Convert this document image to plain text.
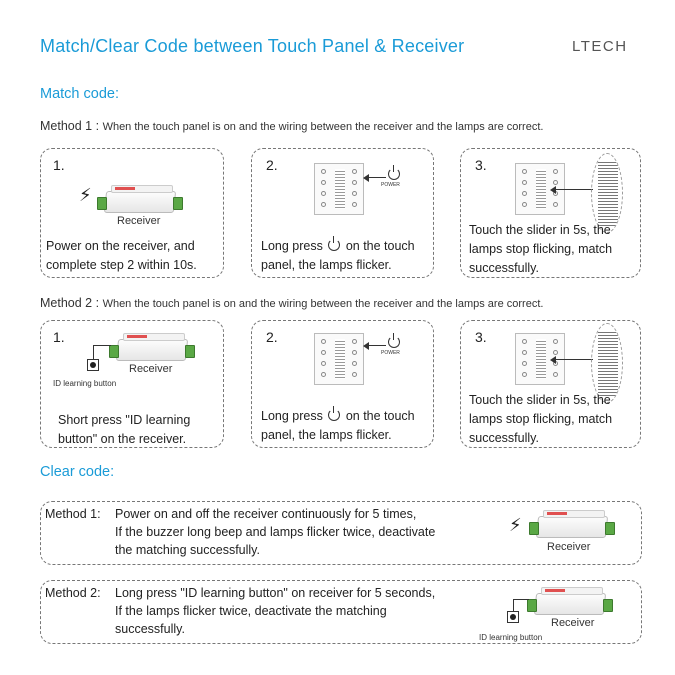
Match/Clear Code between Touch Panel & Receiver	LTECH
Match code:
Method 1 : When the touch panel is on and the wiring between the receiver and the lamps are correct.
1.
⚡
Receiver
Power on the receiver, and complete step 2 within 10s.
2.
POWER
Long press on the touch panel, the lamps flicker.
3.
Touch the slider in 5s, the lamps stop flicking, match successfully.
Method 2 : When the touch panel is on and the wiring between the receiver and the lamps are correct.
1.
Receiver
ID learning button
Short press "ID learning button" on the receiver.
2.
POWER
Long press on the touch panel, the lamps flicker.
3.
Touch the slider in 5s, the lamps stop flicking, match successfully.
Clear code:
Method 1: Power on and off the receiver continuously for 5 times,
If the buzzer long beep and lamps flicker twice, deactivate
the matching successfully.
⚡
Receiver
Method 2: Long press "ID learning button" on receiver for 5 seconds,
If the lamps flicker twice, deactivate the matching
successfully.	Receiver
ID learning button
